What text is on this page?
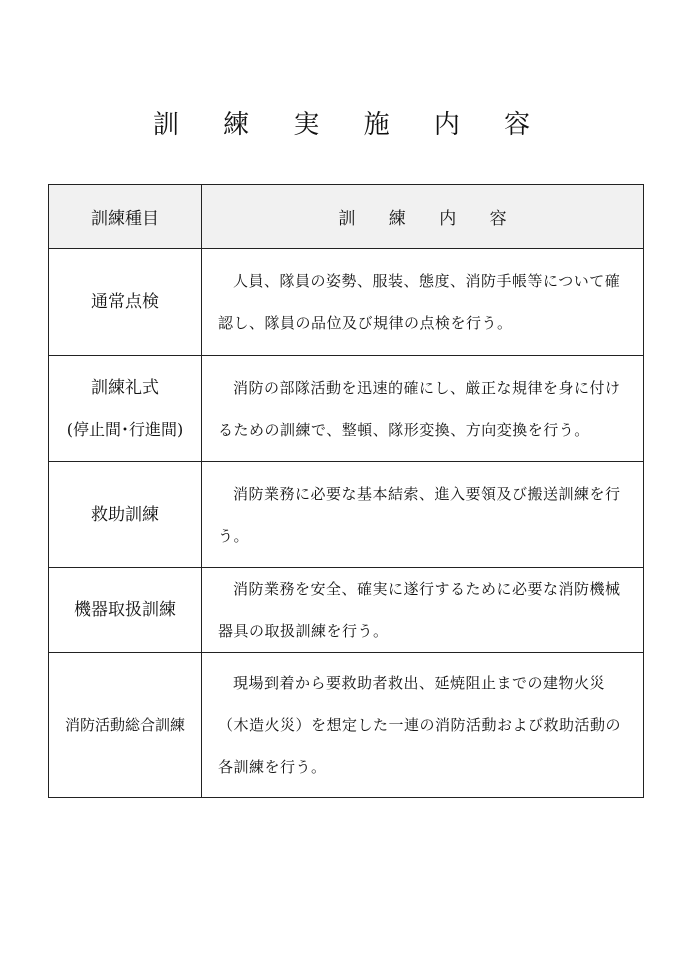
訓 練 実 施 内 容
訓練種目	訓 練 内 容
通常点検	人員、隊員の姿勢、服装、態度、消防手帳等について確認し、隊員の品位及び規律の点検を行う。

訓練礼式
(停止間･行進間)	消防の部隊活動を迅速的確にし、厳正な規律を身に付けるための訓練で、整頓、隊形変換、方向変換を行う。
救助訓練	消防業務に必要な基本結索、進入要領及び搬送訓練を行う。
機器取扱訓練	消防業務を安全、確実に遂行するために必要な消防機械器具の取扱訓練を行う。
消防活動総合訓練	現場到着から要救助者救出、延焼阻止までの建物火災（木造火災）を想定した一連の消防活動および救助活動の各訓練を行う。
